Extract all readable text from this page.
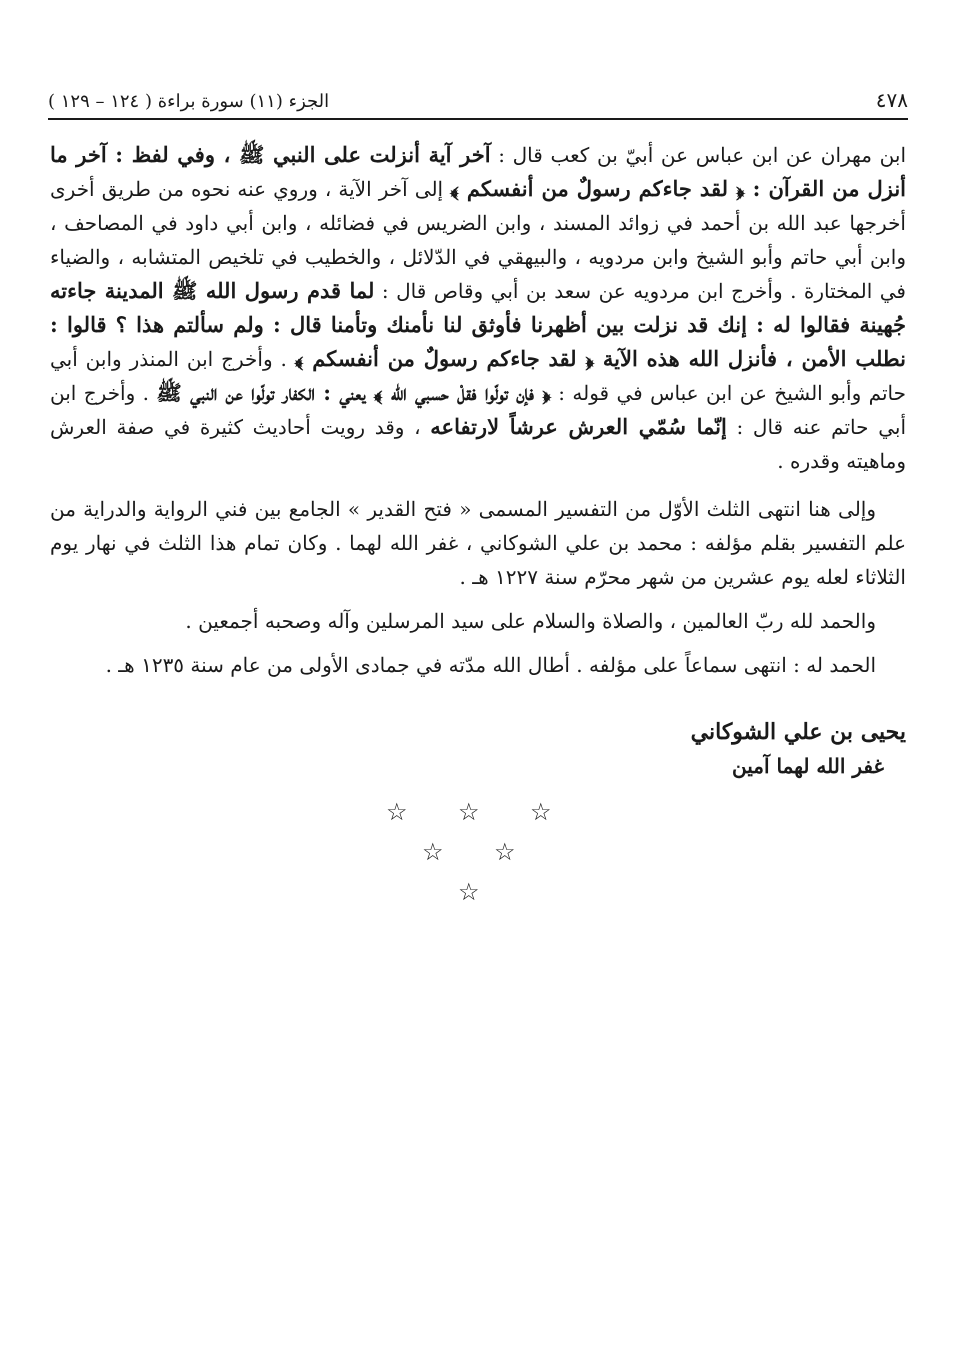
٤٧٨
الجزء (١١) سورة براءة ( ١٢٤ – ١٢٩ )

ابن مهران عن ابن عباس عن أبيّ بن كعب قال : آخر آية أنزلت على النبي ﷺ ، وفي لفظ : آخر ما أنزل من القرآن : ﴿ لقد جاءكم رسولٌ من أنفسكم ﴾ إلى آخر الآية ، وروي عنه نحوه من طريق أخرى أخرجها عبد الله بن أحمد في زوائد المسند ، وابن الضريس في فضائله ، وابن أبي داود في المصاحف ، وابن أبي حاتم وأبو الشيخ وابن مردويه ، والبيهقي في الدّلائل ، والخطيب في تلخيص المتشابه ، والضياء في المختارة . وأخرج ابن مردويه عن سعد بن أبي وقاص قال : لما قدم رسول الله ﷺ المدينة جاءته جُهينة فقالوا له : إنك قد نزلت بين أظهرنا فأوثق لنا نأمنك وتأمنا قال : ولم سألتم هذا ؟ قالوا : نطلب الأمن ، فأنزل الله هذه الآية ﴿ لقد جاءكم رسولٌ من أنفسكم ﴾ . وأخرج ابن المنذر وابن أبي حاتم وأبو الشيخ عن ابن عباس في قوله : ﴿ فإن تولّوا فقلْ حسبي الله ﴾ يعني : الكفار تولّوا عن النبي ﷺ . وأخرج ابن أبي حاتم عنه قال : إنّما سُمّي العرش عرشاً لارتفاعه ، وقد رويت أحاديث كثيرة في صفة العرش وماهيته وقدره .

وإلى هنا انتهى الثلث الأوّل من التفسير المسمى « فتح القدير » الجامع بين فني الرواية والدراية من علم التفسير بقلم مؤلفه : محمد بن علي الشوكاني ، غفر الله لهما . وكان تمام هذا الثلث في نهار يوم الثلاثاء لعله يوم عشرين من شهر محرّم سنة ١٢٢٧ هـ .

والحمد لله ربّ العالمين ، والصلاة والسلام على سيد المرسلين وآله وصحبه أجمعين .

الحمد له : انتهى سماعاً على مؤلفه . أطال الله مدّته في جمادى الأولى من عام سنة ١٢٣٥ هـ .

يحيى بن علي الشوكاني
غفر الله لهما آمين
☆ ☆ ☆
☆ ☆
☆
